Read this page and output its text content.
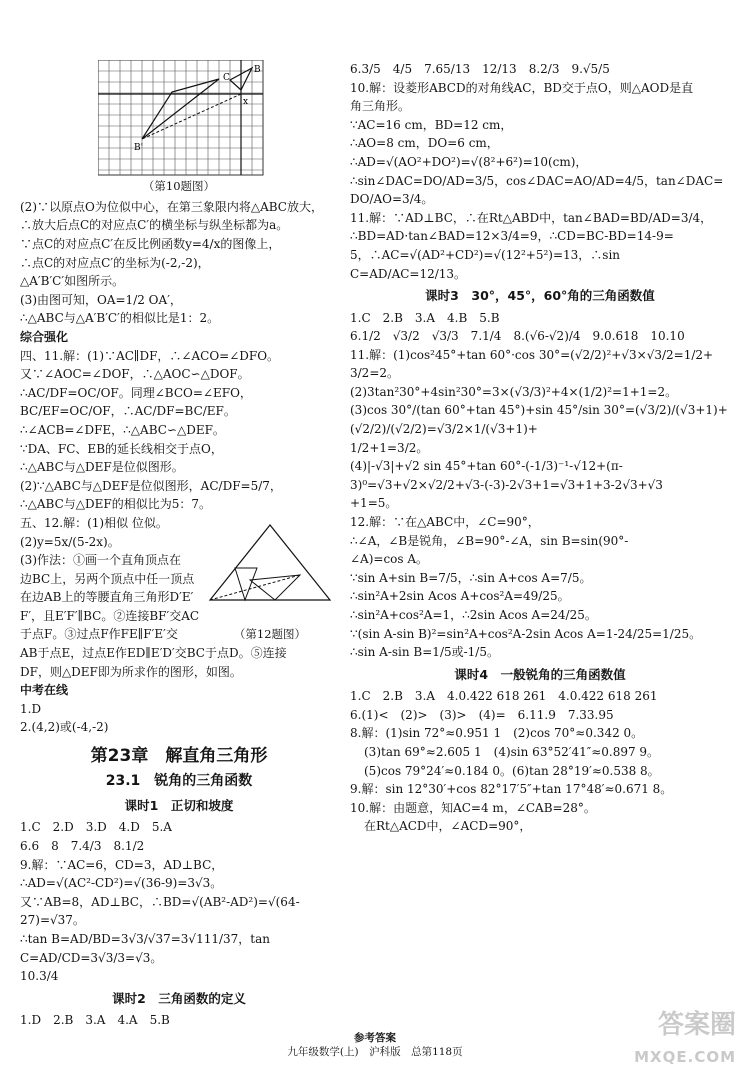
B
C
x
B'
（第10题图）
(2)∵以原点O为位似中心，在第三象限内将△ABC放大，
∴放大后点C的对应点C′的横坐标与纵坐标都为a。
∵点C的对应点C′在反比例函数y=4/x的图像上，
∴点C的对应点C′的坐标为(-2,-2)，
△A′B′C′如图所示。
(3)由图可知，OA=1/2 OA′，
∴△ABC与△A′B′C′的相似比是1：2。
综合强化
四、11.解：(1)∵AC∥DF，∴∠ACO=∠DFO。
又∵∠AOC=∠DOF，∴△AOC∽△DOF。
∴AC/DF=OC/OF。同理∠BCO=∠EFO，BC/EF=OC/OF，∴AC/DF=BC/EF。
∴∠ACB=∠DFE，∴△ABC∽△DEF。
∵DA、FC、EB的延长线相交于点O，
∴△ABC与△DEF是位似图形。
(2)∵△ABC与△DEF是位似图形，AC/DF=5/7，
∴△ABC与△DEF的相似比为5：7。
五、12.解：(1)相似 位似。
(2)y=5x/(5-2x)。
(3)作法：①画一个直角顶点在
边BC上，另两个顶点中任一顶点
在边AB上的等腰直角三角形D′E′
F′，且E′F′∥BC。②连接BF′交AC
于点F。③过点F作FE∥F′E′交
AB于点E，过点E作ED∥E′D′交BC于点D。⑤连接
DF，则△DEF即为所求作的图形，如图。
中考在线
1.D
2.(4,2)或(-4,-2)
第23章　解直角三角形
23.1　锐角的三角函数
课时1　正切和坡度
1.C　2.D　3.D　4.D　5.A
6.6　8　7.4/3　8.1/2
9.解：∵AC=6，CD=3，AD⊥BC，
∴AD=√(AC²-CD²)=√(36-9)=3√3。
又∵AB=8，AD⊥BC，∴BD=√(AB²-AD²)=√(64-27)=√37。
∴tan B=AD/BD=3√3/√37=3√111/37，tan C=AD/CD=3√3/3=√3。
10.3/4
课时2　三角函数的定义
1.D　2.B　3.A　4.A　5.B
（第12题图）
6.3/5　4/5　7.65/13　12/13　8.2/3　9.√5/5
10.解：设菱形ABCD的对角线AC，BD交于点O，则△AOD是直
角三角形。
∵AC=16 cm，BD=12 cm，
∴AO=8 cm，DO=6 cm，
∴AD=√(AO²+DO²)=√(8²+6²)=10(cm)，
∴sin∠DAC=DO/AD=3/5，cos∠DAC=AO/AD=4/5，tan∠DAC=
DO/AO=3/4。
11.解：∵AD⊥BC，∴在Rt△ABD中，tan∠BAD=BD/AD=3/4，
∴BD=AD·tan∠BAD=12×3/4=9，∴CD=BC-BD=14-9=
5，∴AC=√(AD²+CD²)=√(12²+5²)=13，∴sin C=AD/AC=12/13。
课时3　30°，45°，60°角的三角函数值
1.C　2.B　3.A　4.B　5.B
6.1/2　√3/2　√3/3　7.1/4　8.(√6-√2)/4　9.0.618　10.10
11.解：(1)cos²45°+tan 60°·cos 30°=(√2/2)²+√3×√3/2=1/2+
3/2=2。
(2)3tan²30°+4sin²30°=3×(√3/3)²+4×(1/2)²=1+1=2。
(3)cos 30°/(tan 60°+tan 45°)+sin 45°/sin 30°=(√3/2)/(√3+1)+(√2/2)/(√2/2)=√3/2×1/(√3+1)+
1/2+1=3/2。
(4)|-√3|+√2 sin 45°+tan 60°-(-1/3)⁻¹-√12+(π-
3)⁰=√3+√2×√2/2+√3-(-3)-2√3+1=√3+1+3-2√3+√3
+1=5。
12.解：∵在△ABC中，∠C=90°，
∴∠A，∠B是锐角，∠B=90°-∠A，sin B=sin(90°-
∠A)=cos A。
∵sin A+sin B=7/5，∴sin A+cos A=7/5。
∴sin²A+2sin Acos A+cos²A=49/25。
∴sin²A+cos²A=1，∴2sin Acos A=24/25。
∵(sin A-sin B)²=sin²A+cos²A-2sin Acos A=1-24/25=1/25。
∴sin A-sin B=1/5或-1/5。
课时4　一般锐角的三角函数值
1.C　2.B　3.A　4.0.422 618 261　4.0.422 618 261
6.(1)<　(2)>　(3)>　(4)=　6.11.9　7.33.95
8.解：(1)sin 72°≈0.951 1　(2)cos 70°≈0.342 0。
(3)tan 69°≈2.605 1　(4)sin 63°52′41″≈0.897 9。
(5)cos 79°24′≈0.184 0。(6)tan 28°19′≈0.538 8。
9.解：sin 12°30′+cos 82°17′5″+tan 17°48′≈0.671 8。
10.解：由题意，知AC=4 m，∠CAB=28°。
在Rt△ACD中，∠ACD=90°，
参考答案
九年级数学(上)　沪科版　总第118页
答案圈
MXQE.COM
